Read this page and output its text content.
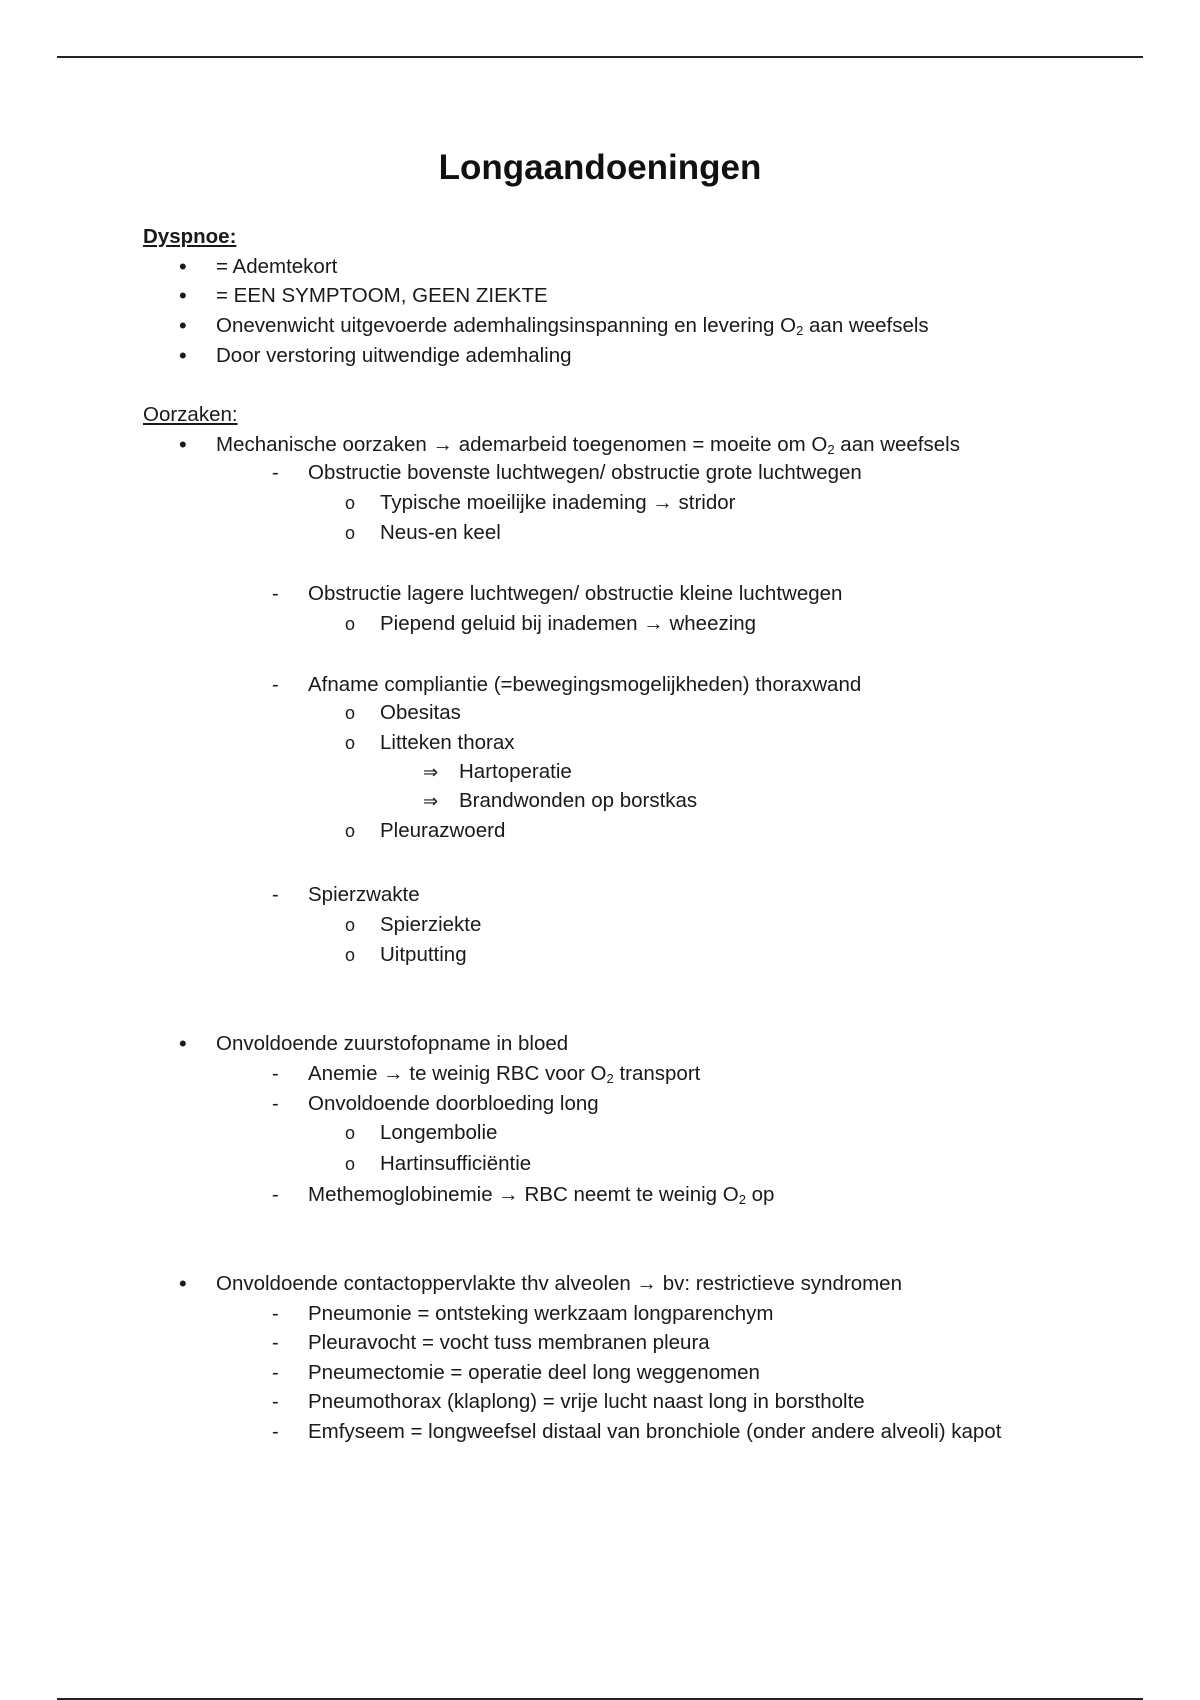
Longaandoeningen
Dyspnoe:
• = Ademtekort
• = EEN SYMPTOOM, GEEN ZIEKTE
• Onevenwicht uitgevoerde ademhalingsinspanning en levering $O_2$ aan weefsels
• Door verstoring uitwendige ademhaling
Oorzaken:
• Mechanische oorzaken → ademarbeid toegenomen = moeite om $O_2$ aan weefsels
- Obstructie bovenste luchtwegen/ obstructie grote luchtwegen
o Typische moeilijke inademing → stridor
o Neus-en keel
- Obstructie lagere luchtwegen/ obstructie kleine luchtwegen
o Piepend geluid bij inademen → wheezing
- Afname compliantie (=bewegingsmogelijkheden) thoraxwand
o Obesitas
o Litteken thorax
⇒ Hartoperatie
⇒ Brandwonden op borstkas
o Pleurazwoerd
- Spierzwakte
o Spierziekte
o Uitputting
• Onvoldoende zuurstofopname in bloed
- Anemie → te weinig RBC voor $O_2$ transport
- Onvoldoende doorbloeding long
o Longembolie
o Hartinsufficiëntie
- Methemoglobinemie → RBC neemt te weinig $O_2$ op
• Onvoldoende contactoppervlakte thv alveolen → bv: restrictieve syndromen
- Pneumonie = ontsteking werkzaam longparenchym
- Pleuravocht = vocht tuss membranen pleura
- Pneumectomie = operatie deel long weggenomen
- Pneumothorax (klaplong) = vrije lucht naast long in borstholte
- Emfyseem = longweefsel distaal van bronchiole (onder andere alveoli) kapot
